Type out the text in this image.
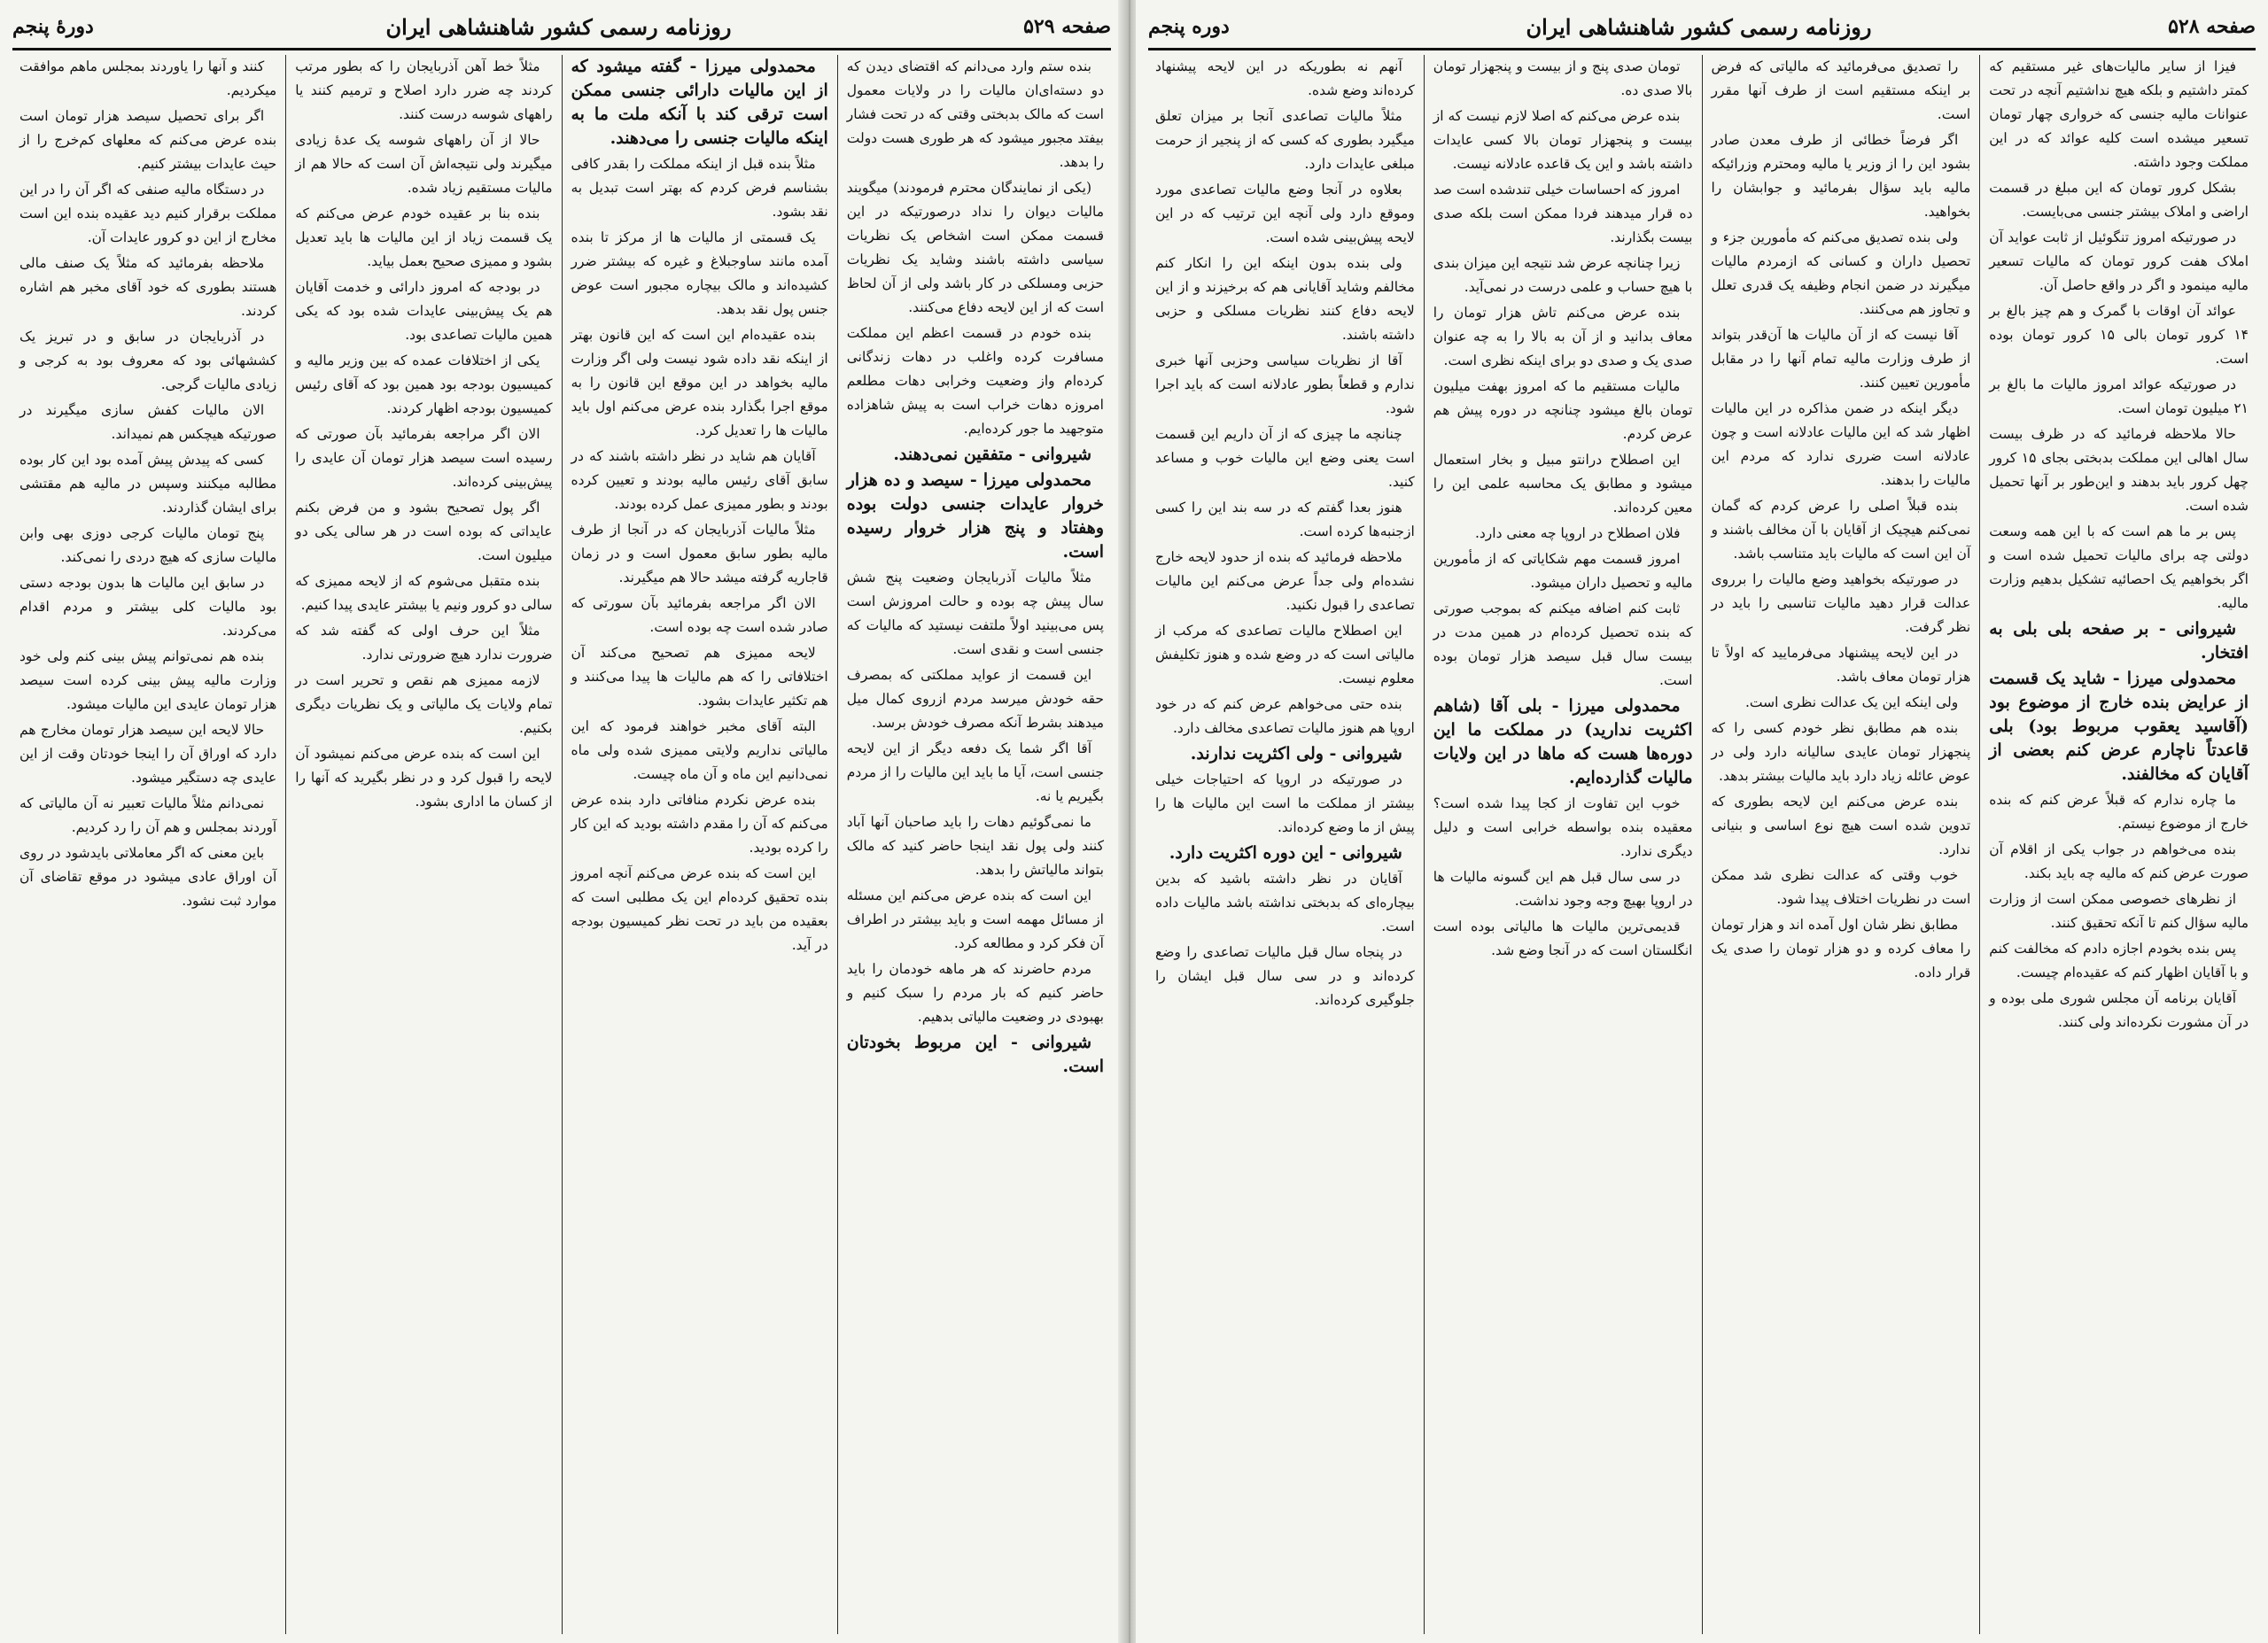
صفحه ۵۲۹
روزنامه رسمی کشور شاهنشاهی ایران
دورهٔ پنجم

بنده ستم وارد می‌دانم که اقتضای دیدن که دو دسته‌ای‌ان مالیات را در ولایات معمول است که مالک بدبختی وقتی که در تحت فشار بیفتد مجبور میشود که هر طوری هست دولت را بدهد.

(یکی از نمایندگان محترم فرمودند) میگویند مالیات دیوان را نداد درصورتیکه در این قسمت ممکن است اشخاص یک نظریات سیاسی داشته باشند وشاید یک نظریات حزبی ومسلکی در کار باشد ولی از آن لحاظ است که از این لایحه دفاع می‌کنند.

بنده خودم در قسمت اعظم این مملکت مسافرت کرده واغلب در دهات زندگانی کرده‌ام واز وضعیت وخرابی دهات مطلعم امروزه دهات خراب است به پیش شاهزاده متوجهید ما جور کرده‌ایم.

شیروانی - متفقین نمی‌دهند.

محمدولی میرزا - سیصد و ده هزار خروار عایدات جنسی دولت بوده وهفتاد و پنج هزار خروار رسیده است.

مثلاً مالیات آذربایجان وضعیت پنج شش سال پیش چه بوده و حالت امروزش است پس می‌بینید اولاً ملتفت نیستید که مالیات که جنسی است و نقدی است.

این قسمت از عواید مملکتی که بمصرف حقه خودش میرسد مردم ازروی کمال میل میدهند بشرط آنکه مصرف خودش برسد.

آقا اگر شما یک دفعه دیگر از این لایحه جنسی است، آیا ما باید این مالیات را از مردم بگیریم یا نه.

ما نمی‌گوئیم دهات را باید صاحبان آنها آباد کنند ولی پول نقد اینجا حاضر کنید که مالک بتواند مالیاتش را بدهد.

این است که بنده عرض می‌کنم این مسئله از مسائل مهمه است و باید بیشتر در اطراف آن فکر کرد و مطالعه کرد.

مردم حاضرند که هر ماهه خودمان را باید حاضر کنیم که بار مردم را سبک کنیم و بهبودی در وضعیت مالیاتی بدهیم.

شیروانی - این مربوط بخودتان است.

محمدولی میرزا - گفته میشود که از این مالیات دارائی جنسی ممکن است ترقی کند با آنکه ملت ما به اینکه مالیات جنسی را می‌دهند.

مثلاً بنده قبل از اینکه مملکت را بقدر کافی بشناسم فرض کردم که بهتر است تبدیل به نقد بشود.

یک قسمتی از مالیات ها از مرکز تا بنده آمده مانند ساوجبلاغ و غیره که بیشتر ضرر کشیده‌اند و مالک بیچاره مجبور است عوض جنس پول نقد بدهد.

بنده عقیده‌ام این است که این قانون بهتر از اینکه نقد داده شود نیست ولی اگر وزارت مالیه بخواهد در این موقع این قانون را به موقع اجرا بگذارد بنده عرض می‌کنم اول باید مالیات ها را تعدیل کرد.

آقایان هم شاید در نظر داشته باشند که در سابق آقای رئیس مالیه بودند و تعیین کرده بودند و بطور ممیزی عمل کرده بودند.

مثلاً مالیات آذربایجان که در آنجا از طرف مالیه بطور سابق معمول است و در زمان قاجاریه گرفته میشد حالا هم میگیرند.

الان اگر مراجعه بفرمائید بآن سورتی که صادر شده است چه بوده است.

لایحه ممیزی هم تصحیح می‌کند آن اختلافاتی را که هم مالیات ها پیدا می‌کنند و هم تکثیر عایدات بشود.

البته آقای مخبر خواهند فرمود که این مالیاتی نداریم ولایتی ممیزی شده ولی ماه نمی‌دانیم این ماه و آن ماه چیست.

بنده عرض نکردم منافاتی دارد بنده عرض می‌کنم که آن را مقدم داشته بودید که این کار را کرده بودید.

این است که بنده عرض می‌کنم آنچه امروز بنده تحقیق کرده‌ام این یک مطلبی است که بعقیده من باید در تحت نظر کمیسیون بودجه در آید.

مثلاً خط آهن آذربایجان را که بطور مرتب کردند چه ضرر دارد اصلاح و ترمیم کنند یا راههای شوسه درست کنند.

حالا از آن راههای شوسه یک عدهٔ زیادی میگیرند ولی نتیجه‌اش آن است که حالا هم از مالیات مستقیم زیاد شده.

بنده بنا بر عقیده خودم عرض می‌کنم که یک قسمت زیاد از این مالیات ها باید تعدیل بشود و ممیزی صحیح بعمل بیاید.

در بودجه که امروز دارائی و خدمت آقایان هم یک پیش‌بینی عایدات شده بود که یکی همین مالیات تصاعدی بود.

یکی از اختلافات عمده که بین وزیر مالیه و کمیسیون بودجه بود همین بود که آقای رئیس کمیسیون بودجه اظهار کردند.

الان اگر مراجعه بفرمائید بآن صورتی که رسیده است سیصد هزار تومان آن عایدی را پیش‌بینی کرده‌اند.

اگر پول تصحیح بشود و من فرض بکنم عایداتی که بوده است در هر سالی یکی دو میلیون است.

بنده متقبل می‌شوم که از لایحه ممیزی که سالی دو کرور ونیم یا بیشتر عایدی پیدا کنیم.

مثلاً این حرف اولی که گفته شد که ضرورت ندارد هیچ ضرورتی ندارد.

لازمه ممیزی هم نقص و تحریر است در تمام ولایات یک مالیاتی و یک نظریات دیگری بکنیم.

این است که بنده عرض می‌کنم نمیشود آن لایحه را قبول کرد و در نظر بگیرید که آنها را از کسان ما اداری بشود.

کنند و آنها را یاوردند بمجلس ماهم موافقت میکردیم.

اگر برای تحصیل سیصد هزار تومان است بنده عرض می‌کنم که معلهای کم‌خرج را از حیث عایدات بیشتر کنیم.

در دستگاه مالیه صنفی که اگر آن را در این مملکت برقرار کنیم دید عقیده بنده این است مخارج از این دو کرور عایدات آن.

ملاحظه بفرمائید که مثلاً یک صنف مالی هستند بطوری که خود آقای مخبر هم اشاره کردند.

در آذربایجان در سابق و در تبریز یک کششهائی بود که معروف بود به کرجی و زیادی مالیات گرجی.

الان مالیات کفش سازی میگیرند در صورتیکه هیچکس هم نمیداند.

کسی که پیدش پیش آمده بود این کار بوده مطالبه میکنند وسپس در مالیه هم مقتشی برای ایشان گذاردند.

پنج تومان مالیات کرجی دوزی بهی وابن مالیات سازی که هیچ دردی را نمی‌کند.

در سابق این مالیات ها بدون بودجه دستی بود مالیات کلی بیشتر و مردم اقدام می‌کردند.

بنده هم نمی‌توانم پیش بینی کنم ولی خود وزارت مالیه پیش بینی کرده است سیصد هزار تومان عایدی این مالیات میشود.

حالا لایحه این سیصد هزار تومان مخارج هم دارد که اوراق آن را اینجا خودتان وقت از این عایدی چه دستگیر میشود.

نمی‌دانم مثلاً مالیات تعبیر نه آن مالیاتی که آوردند بمجلس و هم آن را رد کردیم.

باین معنی که اگر معاملاتی بایدشود در روی آن اوراق عادی میشود در موقع تقاضای آن موارد ثبت نشود.

صفحه ۵۲۸
روزنامه رسمی کشور شاهنشاهی ایران
دوره پنجم

فیزا از سایر مالیات‌های غیر مستقیم که کمتر داشتیم و بلکه هیچ نداشتیم آنچه در تحت عنوانات مالیه جنسی که خرواری چهار تومان تسعیر میشده است کلیه عوائد که در این مملکت وجود داشته.

بشکل کرور تومان که این مبلغ در قسمت اراضی و املاک بیشتر جنسی می‌بایست.

در صورتیکه امروز تنگوئیل از ثابت عواید آن املاک هفت کرور تومان که مالیات تسعیر مالیه مینمود و اگر در واقع حاصل آن.

عوائد آن اوقات با گمرک و هم چیز بالغ بر ۱۴ کرور تومان بالی ۱۵ کرور تومان بوده است.

در صورتیکه عوائد امروز مالیات ما بالغ بر ۲۱ میلیون تومان است.

حالا ملاحظه فرمائید که در ظرف بیست سال اهالی این مملکت بدبختی بجای ۱۵ کرور چهل کرور باید بدهند و این‌طور بر آنها تحمیل شده است.

پس بر ما هم است که با این همه وسعت دولتی چه برای مالیات تحمیل شده است و اگر بخواهیم یک احصائیه تشکیل بدهیم وزارت مالیه.

شیروانی - بر صفحه بلی بلی به افتخار.

محمدولی میرزا - شاید یک قسمت از عرایض بنده خارج از موضوع بود (آقاسید یعقوب مربوط بود) بلی قاعدتاً ناچارم عرض کنم بعضی از آقایان که مخالفند.

ما چاره ندارم که قبلاً عرض کنم که بنده خارج از موضوع نیستم.

بنده می‌خواهم در جواب یکی از اقلام آن صورت عرض کنم که مالیه چه باید بکند.

از نظرهای خصوصی ممکن است از وزارت مالیه سؤال کنم تا آنکه تحقیق کنند.

پس بنده بخودم اجازه دادم که مخالفت کنم و با آقایان اظهار کنم که عقیده‌ام چیست.

آقایان برنامه آن مجلس شوری ملی بوده و در آن مشورت نکرده‌اند ولی کنند.

را تصدیق می‌فرمائید که مالیاتی که فرض بر اینکه مستقیم است از طرف آنها مقرر است.

اگر فرضاً خطائی از طرف معدن صادر بشود این را از وزیر یا مالیه ومحترم وزرائیکه مالیه باید سؤال بفرمائید و جوابشان را بخواهید.

ولی بنده تصدیق می‌کنم که مأمورین جزء و تحصیل داران و کسانی که ازمردم مالیات میگیرند در ضمن انجام وظیفه یک قدری تعلل و تجاوز هم می‌کنند.

آقا نیست که از آن مالیات ها آن‌قدر بتواند از طرف وزارت مالیه تمام آنها را در مقابل مأمورین تعیین کنند.

دیگر اینکه در ضمن مذاکره در این مالیات اظهار شد که این مالیات عادلانه است و چون عادلانه است ضرری ندارد که مردم این مالیات را بدهند.

بنده قبلاً اصلی را عرض کردم که گمان نمی‌کنم هیچیک از آقایان با آن مخالف باشند و آن این است که مالیات باید متناسب باشد.

در صورتیکه بخواهید وضع مالیات را برروی عدالت قرار دهید مالیات تناسبی را باید در نظر گرفت.

در این لایحه پیشنهاد می‌فرمایید که اولاً تا هزار تومان معاف باشد.

ولی اینکه این یک عدالت نظری است.

بنده هم مطابق نظر خودم کسی را که پنجهزار تومان عایدی سالیانه دارد ولی در عوض عائله زیاد دارد باید مالیات بیشتر بدهد.

بنده عرض می‌کنم این لایحه بطوری که تدوین شده است هیچ نوع اساسی و بنیانی ندارد.

خوب وقتی که عدالت نظری شد ممکن است در نظریات اختلاف پیدا شود.

مطابق نظر شان اول آمده اند و هزار تومان را معاف کرده و دو هزار تومان را صدی یک قرار داده.

تومان صدی پنج و از بیست و پنجهزار تومان بالا صدی ده.

بنده عرض می‌کنم که اصلا لازم نیست که از بیست و پنجهزار تومان بالا کسی عایدات داشته باشد و این یک قاعده عادلانه نیست.

امروز که احساسات خیلی تندشده است صد ده قرار میدهند فردا ممکن است بلکه صدی بیست بگذارند.

زیرا چنانچه عرض شد نتیجه این میزان بندی با هیچ حساب و علمی درست در نمی‌آید.

بنده عرض می‌کنم تاش هزار تومان را معاف بدانید و از آن به بالا را به چه عنوان صدی یک و صدی دو برای اینکه نظری است.

مالیات مستقیم ما که امروز بهفت میلیون تومان بالغ میشود چنانچه در دوره پیش هم عرض کردم.

این اصطلاح درانتو مبیل و بخار استعمال میشود و مطابق یک محاسبه علمی این را معین کرده‌اند.

فلان اصطلاح در اروپا چه معنی دارد.

امروز قسمت مهم شکایاتی که از مأمورین مالیه و تحصیل داران میشود.

ثابت کنم اضافه میکنم که بموجب صورتی که بنده تحصیل کرده‌ام در همین مدت در بیست سال قبل سیصد هزار تومان بوده است.

محمدولی میرزا - بلی آقا (شاهم اکثریت ندارید) در مملکت ما این دوره‌ها هست که ماها در این ولایات مالیات گذارده‌ایم.

خوب این تفاوت از کجا پیدا شده است؟ معقیده بنده بواسطه خرابی است و دلیل دیگری ندارد.

در سی سال قبل هم این گسونه مالیات ها در اروپا بهیچ وجه وجود نداشت.

قدیمی‌ترین مالیات ها مالیاتی بوده است انگلستان است که در آنجا وضع شد.

آنهم نه بطوریکه در این لایحه پیشنهاد کرده‌اند وضع شده.

مثلاً مالیات تصاعدی آنجا بر میزان تعلق میگیرد بطوری که کسی که از پنجیر از حرمت مبلغی عایدات دارد.

بعلاوه در آنجا وضع مالیات تصاعدی مورد وموقع دارد ولی آنچه این ترتیب که در این لایحه پیش‌بینی شده است.

ولی بنده بدون اینکه این را انکار کنم مخالفم وشاید آقایانی هم که برخیزند و از این لایحه دفاع کنند نظریات مسلکی و حزبی داشته باشند.

آقا از نظریات سیاسی وحزبی آنها خبری ندارم و قطعاً بطور عادلانه است که باید اجرا شود.

چنانچه ما چیزی که از آن داریم این قسمت است یعنی وضع این مالیات خوب و مساعد کنید.

هنوز بعدا گفتم که در سه بند این را کسی ازجنبه‌ها کرده است.

ملاحظه فرمائید که بنده از حدود لایحه خارج نشده‌ام ولی جداً عرض می‌کنم این مالیات تصاعدی را قبول نکنید.

این اصطلاح مالیات تصاعدی که مرکب از مالیاتی است که در وضع شده و هنوز تکلیفش معلوم نیست.

بنده حتی می‌خواهم عرض کنم که در خود اروپا هم هنوز مالیات تصاعدی مخالف دارد.

شیروانی - ولی اکثریت ندارند.

در صورتیکه در اروپا که احتیاجات خیلی بیشتر از مملکت ما است این مالیات ها را پیش از ما وضع کرده‌اند.

شیروانی - این دوره اکثریت دارد.

آقایان در نظر داشته باشید که بدین بیچاره‌ای که بدبختی نداشته باشد مالیات داده است.

در پنجاه سال قبل مالیات تصاعدی را وضع کرده‌اند و در سی سال قبل ایشان را جلوگیری کرده‌اند.
